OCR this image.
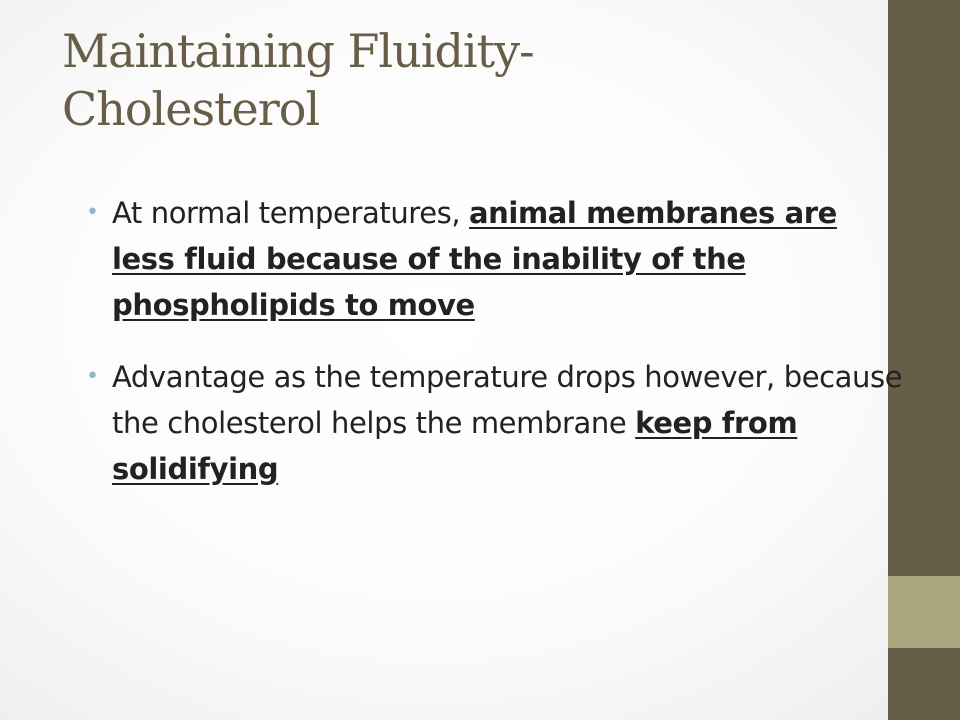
Maintaining Fluidity-
Cholesterol
• At normal temperatures, animal membranes are less fluid because of the inability of the phospholipids to move
• Advantage as the temperature drops however, because the cholesterol helps the membrane keep from solidifying
